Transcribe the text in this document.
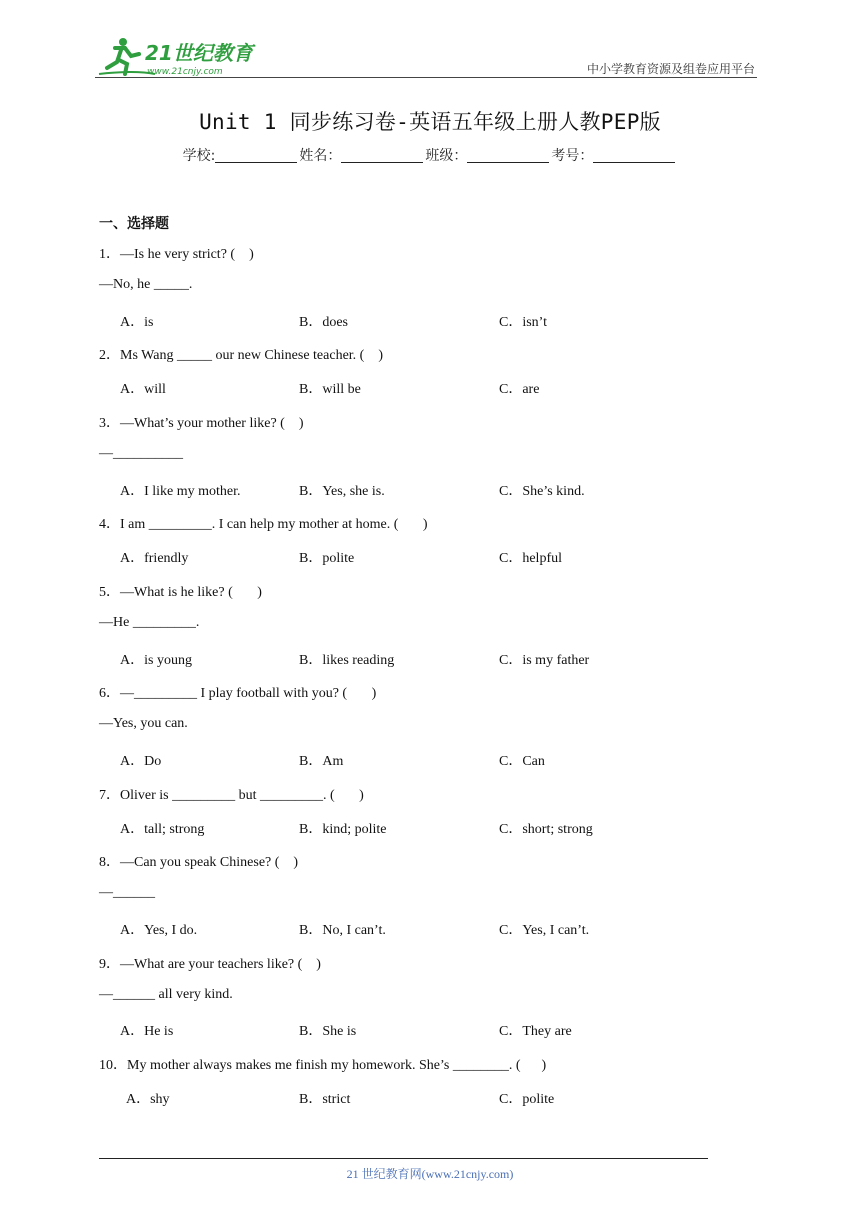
21世纪教育
www.21cnjy.com	中小学教育资源及组卷应用平台
Unit 1 同步练习卷-英语五年级上册人教PEP版
学校:	姓名：	班级：	考号：
一、选择题
1．—Is he very strict? (    )
—No, he _____.
A．is	B．does	C．isn’t
2．Ms Wang _____ our new Chinese teacher. (    )
A．will	B．will be	C．are
3．—What’s your mother like? (    )
—__________
A．I like my mother.	B．Yes, she is.	C．She’s kind.
4．I am _________. I can help my mother at home. (       )
A．friendly	B．polite	C．helpful
5．—What is he like? (       )
—He _________.
A．is young	B．likes reading	C．is my father
6．—_________ I play football with you? (       )
—Yes, you can.
A．Do	B．Am	C．Can
7．Oliver is _________ but _________. (       )
A．tall; strong	B．kind; polite	C．short; strong
8．—Can you speak Chinese? (    )
—______
A．Yes, I do.	B．No, I can’t.	C．Yes, I can’t.
9．—What are your teachers like? (    )
—______ all very kind.
A．He is	B．She is	C．They are
10．My mother always makes me finish my homework. She’s ________. (      )
A．shy	B．strict	C．polite
21 世纪教育网(www.21cnjy.com)
